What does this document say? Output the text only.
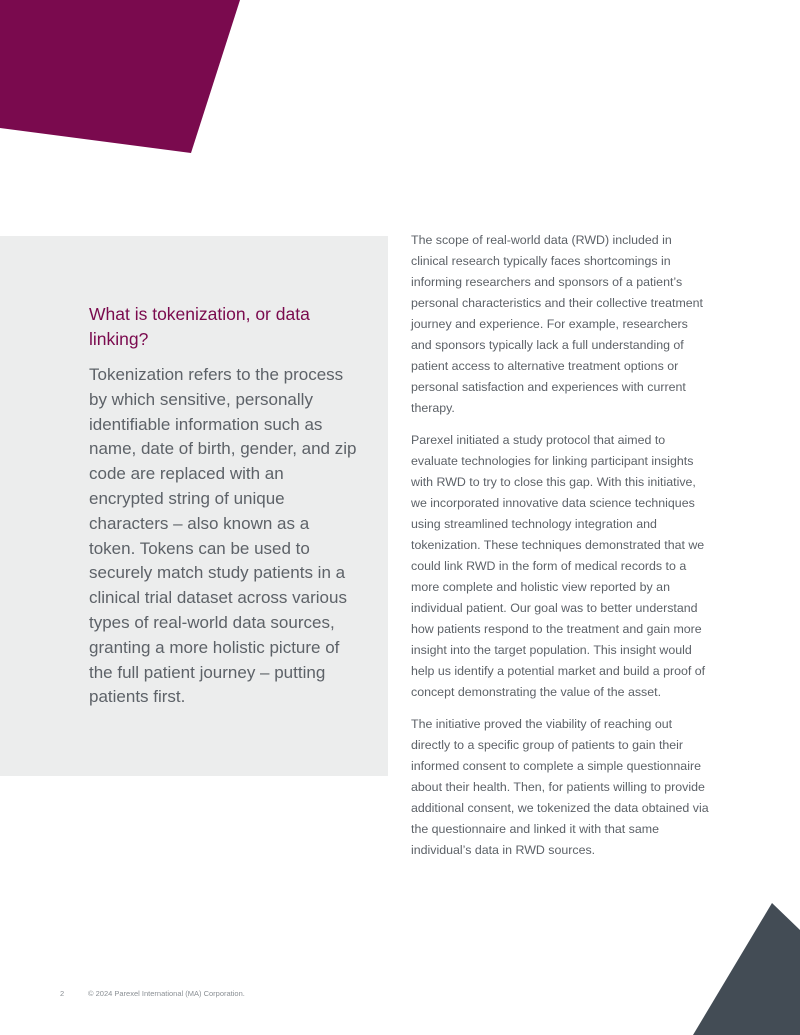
What is tokenization, or data linking?

Tokenization refers to the process by which sensitive, personally identifiable information such as name, date of birth, gender, and zip code are replaced with an encrypted string of unique characters – also known as a token. Tokens can be used to securely match study patients in a clinical trial dataset across various types of real-world data sources, granting a more holistic picture of the full patient journey – putting patients first.

The scope of real-world data (RWD) included in clinical research typically faces shortcomings in informing researchers and sponsors of a patient’s personal characteristics and their collective treatment journey and experience. For example, researchers and sponsors typically lack a full understanding of patient access to alternative treatment options or personal satisfaction and experiences with current therapy.

Parexel initiated a study protocol that aimed to evaluate technologies for linking participant insights with RWD to try to close this gap. With this initiative, we incorporated innovative data science techniques using streamlined technology integration and tokenization. These techniques demonstrated that we could link RWD in the form of medical records to a more complete and holistic view reported by an individual patient. Our goal was to better understand how patients respond to the treatment and gain more insight into the target population. This insight would help us identify a potential market and build a proof of concept demonstrating the value of the asset.

The initiative proved the viability of reaching out directly to a specific group of patients to gain their informed consent to complete a simple questionnaire about their health. Then, for patients willing to provide additional consent, we tokenized the data obtained via the questionnaire and linked it with that same individual’s data in RWD sources.

2	© 2024 Parexel International (MA) Corporation.
